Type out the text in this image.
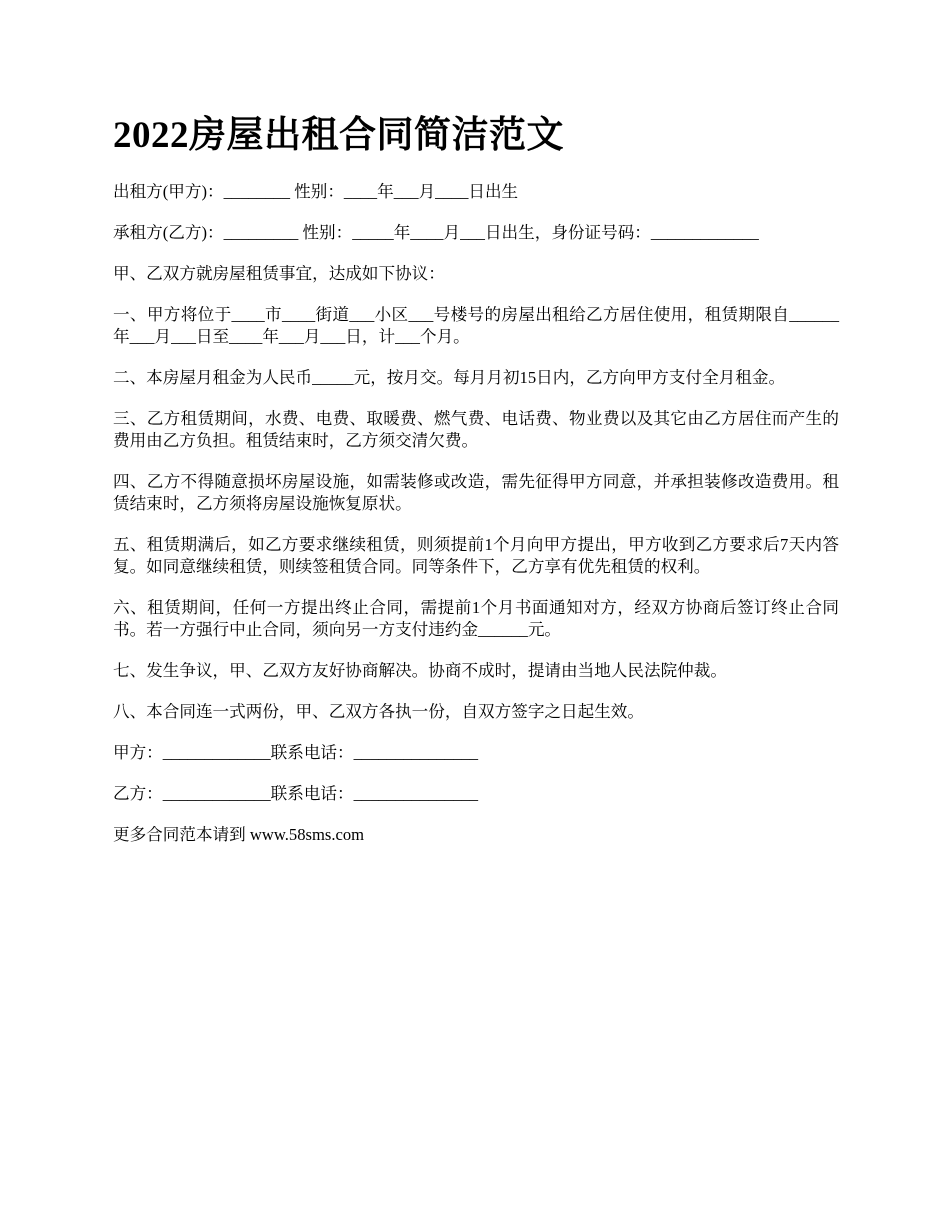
2022房屋出租合同简洁范文

出租方(甲方)：________ 性别：____年___月____日出生

承租方(乙方)：_________ 性别：_____年____月___日出生，身份证号码：_____________

甲、乙双方就房屋租赁事宜，达成如下协议：

一、甲方将位于____市____街道___小区___号楼号的房屋出租给乙方居住使用，租赁期限自______年___月___日至____年___月___日，计___个月。

二、本房屋月租金为人民币_____元，按月交。每月月初15日内，乙方向甲方支付全月租金。

三、乙方租赁期间，水费、电费、取暖费、燃气费、电话费、物业费以及其它由乙方居住而产生的费用由乙方负担。租赁结束时，乙方须交清欠费。

四、乙方不得随意损坏房屋设施，如需装修或改造，需先征得甲方同意，并承担装修改造费用。租赁结束时，乙方须将房屋设施恢复原状。

五、租赁期满后，如乙方要求继续租赁，则须提前1个月向甲方提出，甲方收到乙方要求后7天内答复。如同意继续租赁，则续签租赁合同。同等条件下，乙方享有优先租赁的权利。

六、租赁期间，任何一方提出终止合同，需提前1个月书面通知对方，经双方协商后签订终止合同书。若一方强行中止合同，须向另一方支付违约金______元。

七、发生争议，甲、乙双方友好协商解决。协商不成时，提请由当地人民法院仲裁。

八、本合同连一式两份，甲、乙双方各执一份，自双方签字之日起生效。

甲方：_____________联系电话：_______________

乙方：_____________联系电话：_______________

更多合同范本请到 www.58sms.com
